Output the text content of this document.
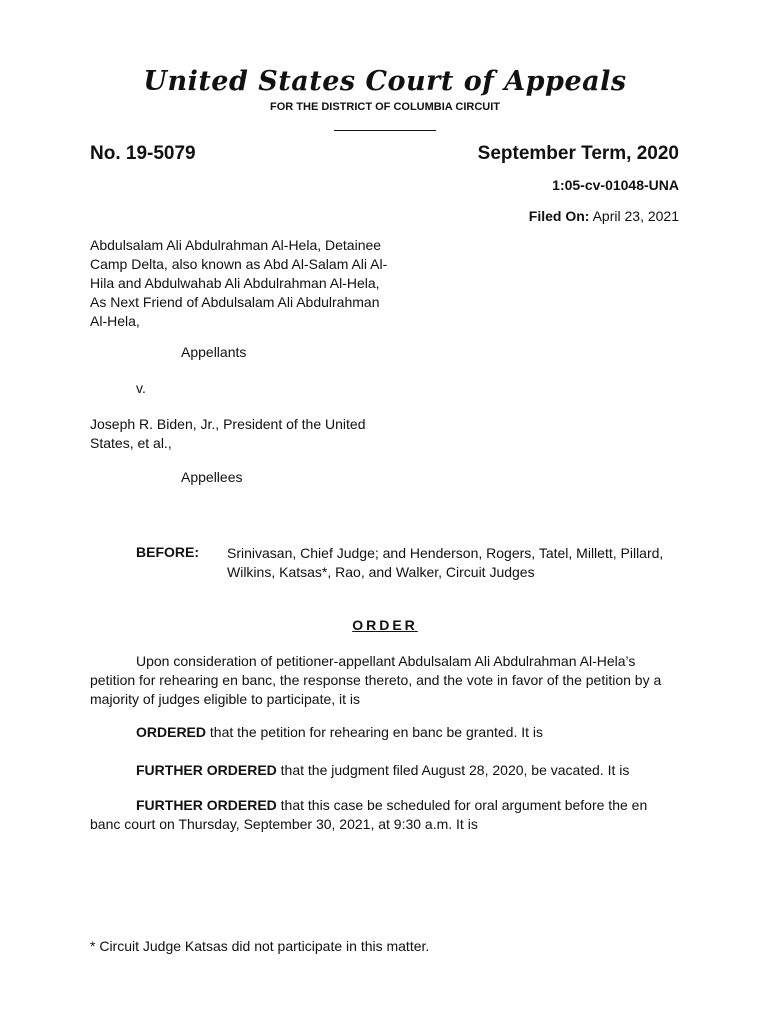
United States Court of Appeals
FOR THE DISTRICT OF COLUMBIA CIRCUIT
No. 19-5079	September Term, 2020
1:05-cv-01048-UNA
Filed On: April 23, 2021
Abdulsalam Ali Abdulrahman Al-Hela, Detainee Camp Delta, also known as Abd Al-Salam Ali Al-Hila and Abdulwahab Ali Abdulrahman Al-Hela, As Next Friend of Abdulsalam Ali Abdulrahman Al-Hela,
Appellants
v.
Joseph R. Biden, Jr., President of the United States, et al.,
Appellees
BEFORE: Srinivasan, Chief Judge; and Henderson, Rogers, Tatel, Millett, Pillard, Wilkins, Katsas*, Rao, and Walker, Circuit Judges
ORDER
Upon consideration of petitioner-appellant Abdulsalam Ali Abdulrahman Al-Hela’s petition for rehearing en banc, the response thereto, and the vote in favor of the petition by a majority of judges eligible to participate, it is
ORDERED that the petition for rehearing en banc be granted. It is
FURTHER ORDERED that the judgment filed August 28, 2020, be vacated. It is
FURTHER ORDERED that this case be scheduled for oral argument before the en banc court on Thursday, September 30, 2021, at 9:30 a.m. It is
* Circuit Judge Katsas did not participate in this matter.
